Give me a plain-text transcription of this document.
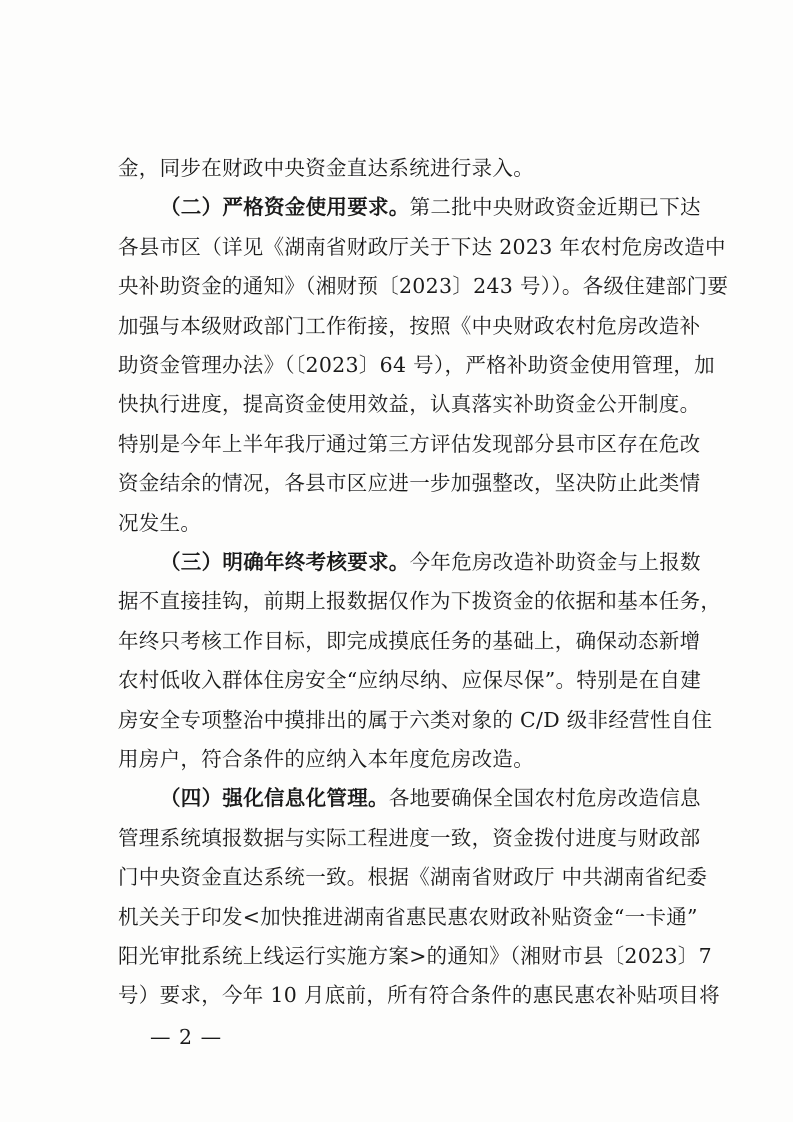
金，同步在财政中央资金直达系统进行录入。
（二）严格资金使用要求。第二批中央财政资金近期已下达
各县市区（详见《湖南省财政厅关于下达 2023 年农村危房改造中
央补助资金的通知》（湘财预〔2023〕243 号））。各级住建部门要
加强与本级财政部门工作衔接，按照《中央财政农村危房改造补
助资金管理办法》（〔2023〕64 号），严格补助资金使用管理，加
快执行进度，提高资金使用效益，认真落实补助资金公开制度。
特别是今年上半年我厅通过第三方评估发现部分县市区存在危改
资金结余的情况，各县市区应进一步加强整改，坚决防止此类情
况发生。
（三）明确年终考核要求。今年危房改造补助资金与上报数
据不直接挂钩，前期上报数据仅作为下拨资金的依据和基本任务，
年终只考核工作目标，即完成摸底任务的基础上，确保动态新增
农村低收入群体住房安全“应纳尽纳、应保尽保”。特别是在自建
房安全专项整治中摸排出的属于六类对象的 C/D 级非经营性自住
用房户，符合条件的应纳入本年度危房改造。
（四）强化信息化管理。各地要确保全国农村危房改造信息
管理系统填报数据与实际工程进度一致，资金拨付进度与财政部
门中央资金直达系统一致。根据《湖南省财政厅 中共湖南省纪委
机关关于印发<加快推进湖南省惠民惠农财政补贴资金“一卡通”
阳光审批系统上线运行实施方案>的通知》（湘财市县〔2023〕7
号）要求，今年 10 月底前，所有符合条件的惠民惠农补贴项目将
— 2 —
